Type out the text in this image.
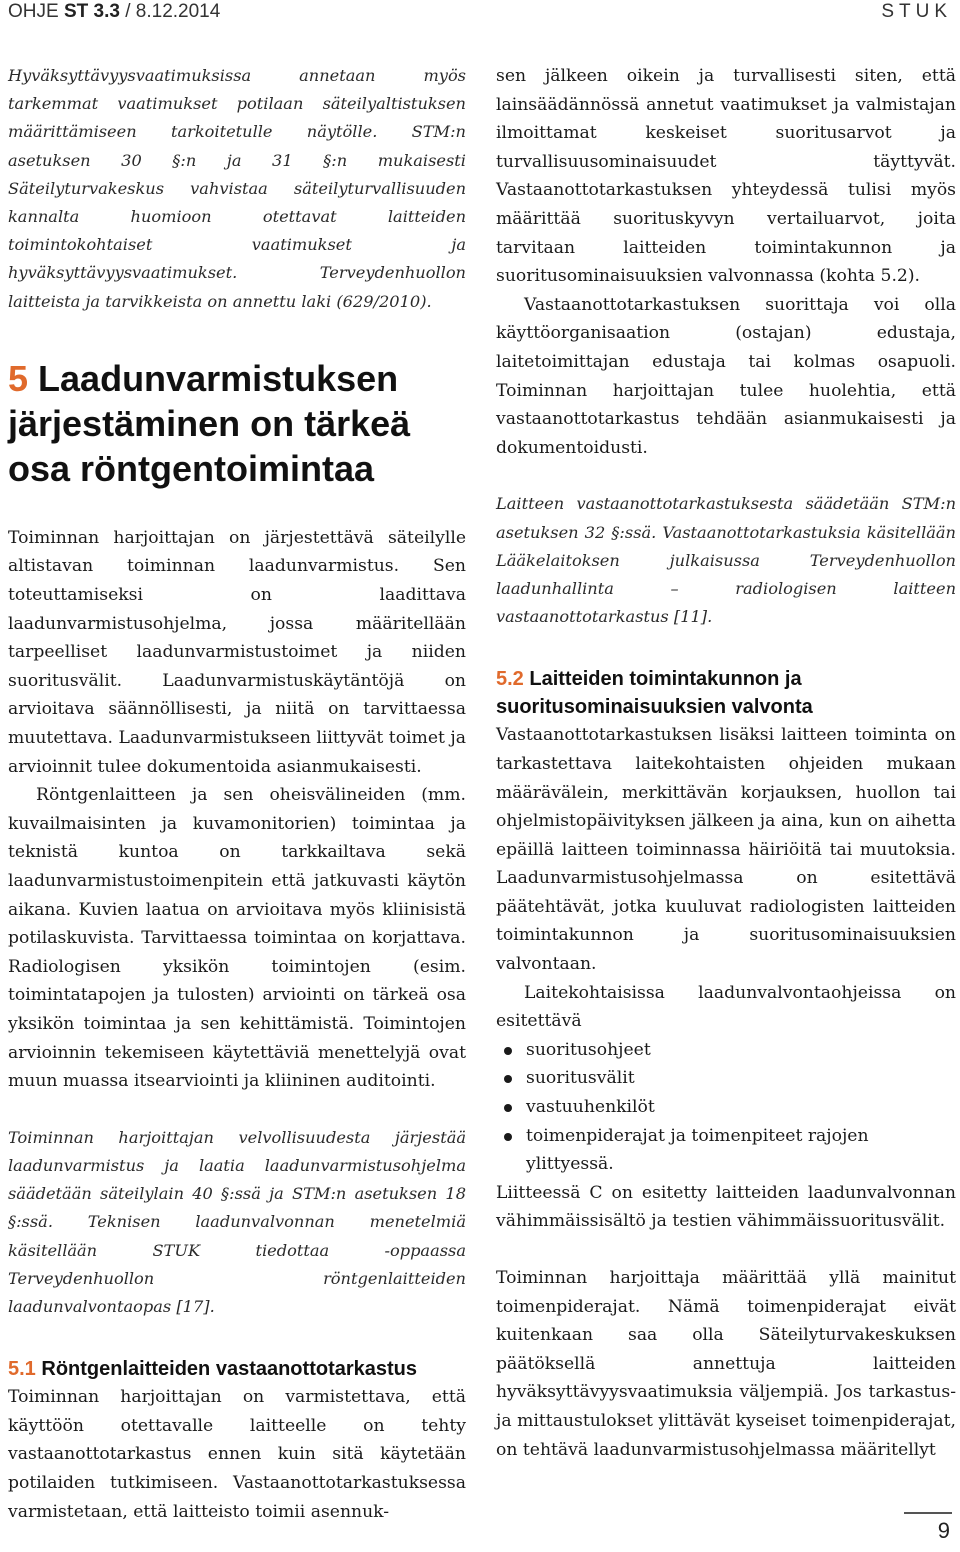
OHJE ST 3.3 / 8.12.2014	STUK

Hyväksyttävyysvaatimuksissa annetaan myös tarkemmat vaatimukset potilaan säteilyaltistuksen määrittämiseen tarkoitetulle näytölle. STM:n asetuksen 30 §:n ja 31 §:n mukaisesti Säteilyturvakeskus vahvistaa säteilyturvallisuuden kannalta huomioon otettavat laitteiden toimintokohtaiset vaatimukset ja hyväksyttävyysvaatimukset. Terveydenhuollon laitteista ja tarvikkeista on annettu laki (629/2010).

5 Laadunvarmistuksen järjestäminen on tärkeä osa röntgentoimintaa

Toiminnan harjoittajan on järjestettävä säteilylle altistavan toiminnan laadunvarmistus. Sen toteuttamiseksi on laadittava laadunvarmistusohjelma, jossa määritellään tarpeelliset laadunvarmistustoimet ja niiden suoritusvälit. Laadunvarmistuskäytäntöjä on arvioitava säännöllisesti, ja niitä on tarvittaessa muutettava. Laadunvarmistukseen liittyvät toimet ja arvioinnit tulee dokumentoida asianmukaisesti.

Röntgenlaitteen ja sen oheisvälineiden (mm. kuvailmaisinten ja kuvamonitorien) toimintaa ja teknistä kuntoa on tarkkailtava sekä laadunvarmistustoimenpitein että jatkuvasti käytön aikana. Kuvien laatua on arvioitava myös kliinisistä potilaskuvista. Tarvittaessa toimintaa on korjattava. Radiologisen yksikön toimintojen (esim. toimintatapojen ja tulosten) arviointi on tärkeä osa yksikön toimintaa ja sen kehittämistä. Toimintojen arvioinnin tekemiseen käytettäviä menettelyjä ovat muun muassa itsearviointi ja kliininen auditointi.

Toiminnan harjoittajan velvollisuudesta järjestää laadunvarmistus ja laatia laadunvarmistusohjelma säädetään säteilylain 40 §:ssä ja STM:n asetuksen 18 §:ssä. Teknisen laadunvalvonnan menetelmiä käsitellään STUK tiedottaa -oppaassa Terveydenhuollon röntgenlaitteiden laadunvalvontaopas [17].

5.1 Röntgenlaitteiden vastaanottotarkastus

Toiminnan harjoittajan on varmistettava, että käyttöön otettavalle laitteelle on tehty vastaanottotarkastus ennen kuin sitä käytetään potilaiden tutkimiseen. Vastaanottotarkastuksessa varmistetaan, että laitteisto toimii asennuk-

sen jälkeen oikein ja turvallisesti siten, että lainsäädännössä annetut vaatimukset ja valmistajan ilmoittamat keskeiset suoritusarvot ja turvallisuusominaisuudet täyttyvät. Vastaanottotarkastuksen yhteydessä tulisi myös määrittää suorituskyvyn vertailuarvot, joita tarvitaan laitteiden toimintakunnon ja suoritusominaisuuksien valvonnassa (kohta 5.2).

Vastaanottotarkastuksen suorittaja voi olla käyttöorganisaation (ostajan) edustaja, laitetoimittajan edustaja tai kolmas osapuoli. Toiminnan harjoittajan tulee huolehtia, että vastaanottotarkastus tehdään asianmukaisesti ja dokumentoidusti.

Laitteen vastaanottotarkastuksesta säädetään STM:n asetuksen 32 §:ssä. Vastaanottotarkastuksia käsitellään Lääkelaitoksen julkaisussa Terveydenhuollon laadunhallinta – radiologisen laitteen vastaanottotarkastus [11].

5.2 Laitteiden toimintakunnon ja suoritusominaisuuksien valvonta

Vastaanottotarkastuksen lisäksi laitteen toiminta on tarkastettava laitekohtaisten ohjeiden mukaan määrävälein, merkittävän korjauksen, huollon tai ohjelmistopäivityksen jälkeen ja aina, kun on aihetta epäillä laitteen toiminnassa häiriöitä tai muutoksia. Laadunvarmistusohjelmassa on esitettävä päätehtävät, jotka kuuluvat radiologisten laitteiden toimintakunnon ja suoritusominaisuuksien valvontaan.

Laitekohtaisissa laadunvalvontaohjeissa on esitettävä

suoritusohjeet
suoritusvälit
vastuuhenkilöt
toimenpiderajat ja toimenpiteet rajojen ylittyessä.

Liitteessä C on esitetty laitteiden laadunvalvonnan vähimmäissisältö ja testien vähimmäissuoritusvälit.

Toiminnan harjoittaja määrittää yllä mainitut toimenpiderajat. Nämä toimenpiderajat eivät kuitenkaan saa olla Säteilyturvakeskuksen päätöksellä annettuja laitteiden hyväksyttävyysvaatimuksia väljempiä. Jos tarkastus- ja mittaustulokset ylittävät kyseiset toimenpiderajat, on tehtävä laadunvarmistusohjelmassa määritellyt

9
